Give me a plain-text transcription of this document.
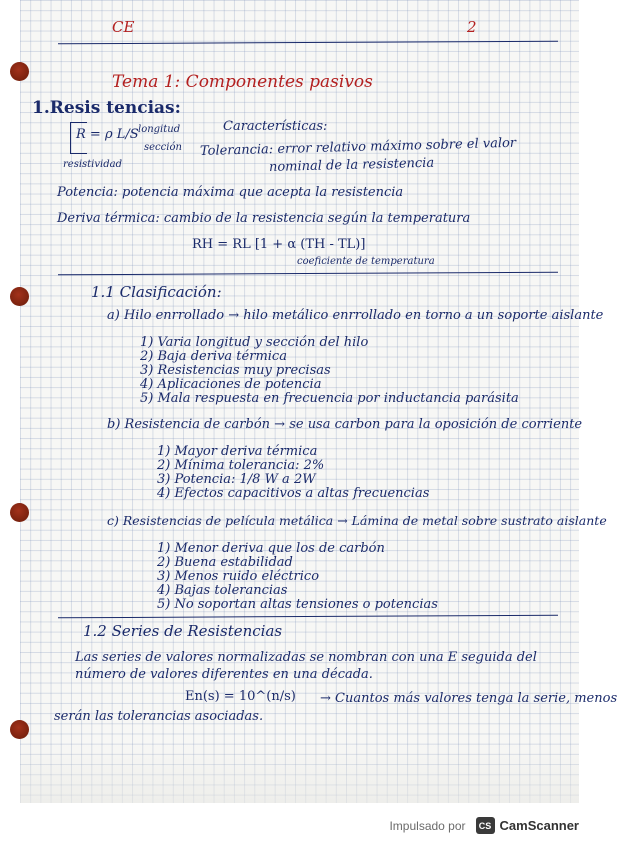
CE	2
Tema 1: Componentes pasivos
1.Resis tencias:
R = ρ L/S longitud
sección
resistividad
Características:
Tolerancia: error relativo máximo sobre el valor
nominal de la resistencia
Potencia: potencia máxima que acepta la resistencia
Deriva térmica: cambio de la resistencia según la temperatura
RH = RL [1 + α (TH - TL)]
coeficiente de temperatura
1.1 Clasificación:
a) Hilo enrrollado → hilo metálico enrrollado en torno a un soporte aislante
1) Varia longitud y sección del hilo
2) Baja deriva térmica
3) Resistencias muy precisas
4) Aplicaciones de potencia
5) Mala respuesta en frecuencia por inductancia parásita
b) Resistencia de carbón → se usa carbon para la oposición de corriente
1) Mayor deriva térmica
2) Mínima tolerancia: 2%
3) Potencia: 1/8 W a 2W
4) Efectos capacitivos a altas frecuencias
c) Resistencias de película metálica → Lámina de metal sobre sustrato aislante
1) Menor deriva que los de carbón
2) Buena estabilidad
3) Menos ruido eléctrico
4) Bajas tolerancias
5) No soportan altas tensiones o potencias
1.2 Series de Resistencias
Las series de valores normalizadas se nombran con una E seguida del
número de valores diferentes en una década.
En(s) = 10^(n/s) → Cuantos más valores tenga la serie, menos
serán las tolerancias asociadas.
Impulsado por	CS CamScanner
